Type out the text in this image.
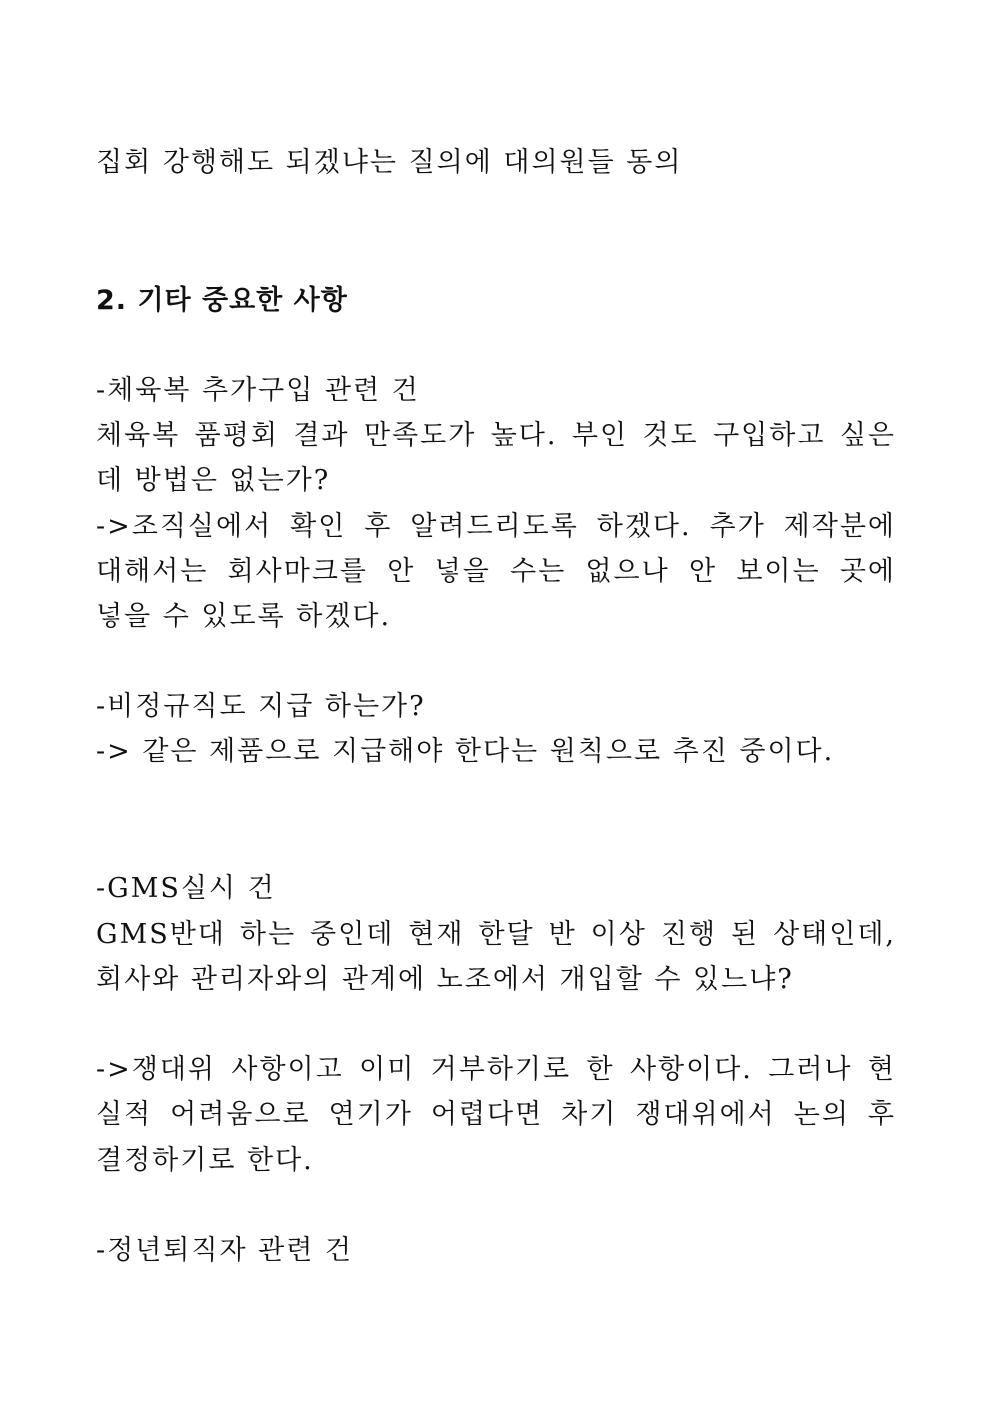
집회 강행해도 되겠냐는 질의에 대의원들 동의
2. 기타 중요한 사항
-체육복 추가구입 관련 건
체육복 품평회 결과 만족도가 높다. 부인 것도 구입하고 싶은
데 방법은 없는가?
->조직실에서 확인 후 알려드리도록 하겠다. 추가 제작분에
대해서는 회사마크를 안 넣을 수는 없으나 안 보이는 곳에
넣을 수 있도록 하겠다.
-비정규직도 지급 하는가?
-> 같은 제품으로 지급해야 한다는 원칙으로 추진 중이다.
-GMS실시 건
GMS반대 하는 중인데 현재 한달 반 이상 진행 된 상태인데,
회사와 관리자와의 관계에 노조에서 개입할 수 있느냐?
->쟁대위 사항이고 이미 거부하기로 한 사항이다. 그러나 현
실적 어려움으로 연기가 어렵다면 차기 쟁대위에서 논의 후
결정하기로 한다.
-정년퇴직자 관련 건
